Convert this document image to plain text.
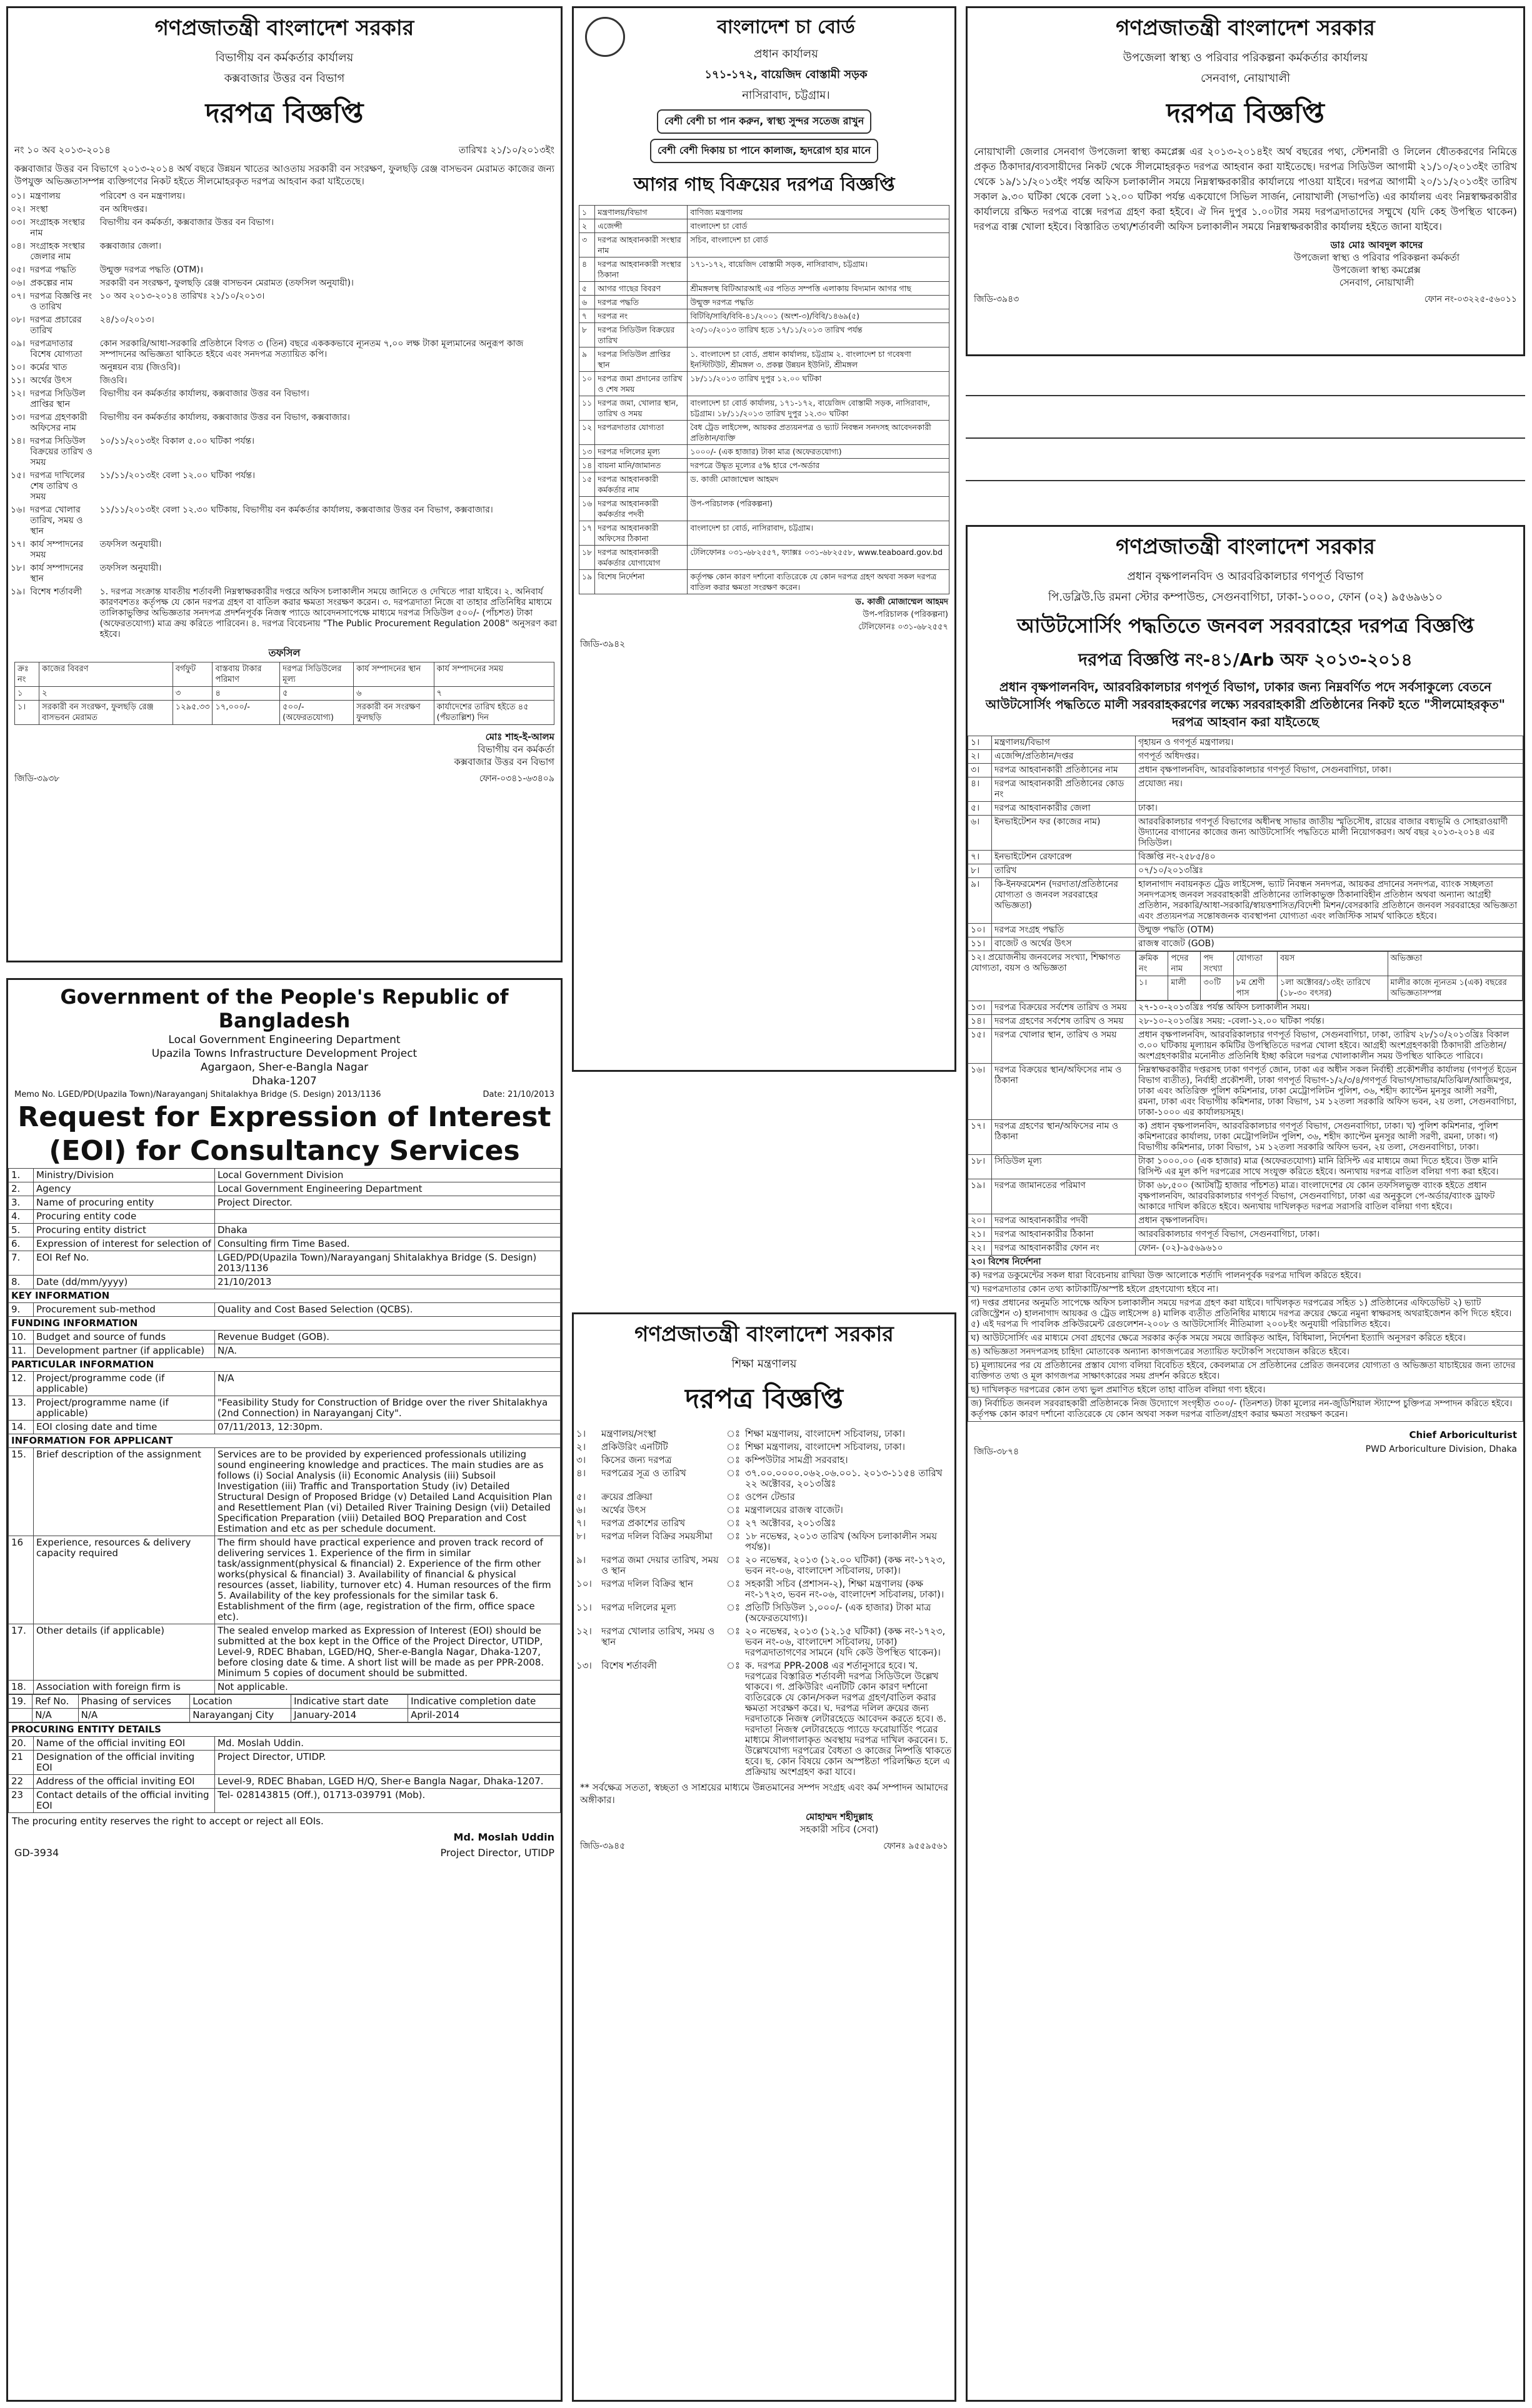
গণপ্রজাতন্ত্রী বাংলাদেশ সরকার
বিভাগীয় বন কর্মকর্তার কার্যালয়
কক্সবাজার উত্তর বন বিভাগ
দরপত্র বিজ্ঞপ্তি
নং ১০ অব ২০১৩-২০১৪	তারিখঃ ২১/১০/২০১৩ইং
কক্সবাজার উত্তর বন বিভাগে ২০১৩-২০১৪ অর্থ বছরে উন্নয়ন খাতের আওতায় সরকারী বন সংরক্ষণ, ফুলছড়ি রেঞ্জ বাসভবন মেরামত কাজের জন্য উপযুক্ত অভিজ্ঞতাসম্পন্ন ব্যক্তিগণের নিকট হইতে সীলমোহরকৃত দরপত্র আহবান করা যাইতেছে।
০১।	মন্ত্রণালয়	পরিবেশ ও বন মন্ত্রণালয়।
০২।	সংস্থা	বন অধিদপ্তর।
০৩।	সংগ্রাহক সংস্থার নাম	বিভাগীয় বন কর্মকর্তা, কক্সবাজার উত্তর বন বিভাগ।
০৪।	সংগ্রাহক সংস্থার জেলার নাম	কক্সবাজার জেলা।
০৫।	দরপত্র পদ্ধতি	উন্মুক্ত দরপত্র পদ্ধতি (OTM)।
০৬।	প্রকল্পের নাম	সরকারী বন সংরক্ষণ, ফুলছড়ি রেঞ্জ বাসভবন মেরামত (তফসিল অনুযায়ী)।
০৭।	দরপত্র বিজ্ঞপ্তি নং ও তারিখ	১০ অব ২০১৩-২০১৪ তারিখঃ ২১/১০/২০১৩।
০৮।	দরপত্র প্রচারের তারিখ	২৪/১০/২০১৩।
০৯।	দরপত্রদাতার বিশেষ যোগ্যতা	কোন সরকারি/আধা-সরকারি প্রতিষ্ঠানে বিগত ৩ (তিন) বছরে একককভাবে ন্যূনতম ৭,০০ লক্ষ টাকা মূল্যমানের অনুরূপ কাজ সম্পাদনের অভিজ্ঞতা থাকিতে হইবে এবং সনদপত্র সত্যায়িত কপি।
১০।	কর্মের খাত	অনুন্নয়ন ব্যয় (জিওবি)।
১১।	অর্থের উৎস	জিওবি।
১২।	দরপত্র সিডিউল প্রাপ্তির স্থান	বিভাগীয় বন কর্মকর্তার কার্যালয়, কক্সবাজার উত্তর বন বিভাগ।
১৩।	দরপত্র গ্রহণকারী অফিসের নাম	বিভাগীয় বন কর্মকর্তার কার্যালয়, কক্সবাজার উত্তর বন বিভাগ, কক্সবাজার।
১৪।	দরপত্র সিডিউল বিক্রয়ের তারিখ ও সময়	১০/১১/২০১৩ইং বিকাল ৫.০০ ঘটিকা পর্যন্ত।
১৫।	দরপত্র দাখিলের শেষ তারিখ ও সময়	১১/১১/২০১৩ইং বেলা ১২.০০ ঘটিকা পর্যন্ত।
১৬।	দরপত্র খোলার তারিখ, সময় ও স্থান	১১/১১/২০১৩ইং বেলা ১২.৩০ ঘটিকায়, বিভাগীয় বন কর্মকর্তার কার্যালয়, কক্সবাজার উত্তর বন বিভাগ, কক্সবাজার।
১৭।	কার্য সম্পাদনের সময়	তফসিল অনুযায়ী।
১৮।	কার্য সম্পাদনের স্থান	তফসিল অনুযায়ী।
১৯।	বিশেষ শর্তাবলী	১. দরপত্র সংক্রান্ত যাবতীয় শর্তাবলী নিম্নস্বাক্ষরকারীর দপ্তরে অফিস চলাকালীন সময়ে জানিতে ও দেখিতে পারা যাইবে। ২. অনিবার্য কারণবশতঃ কর্তৃপক্ষ যে কোন দরপত্র গ্রহণ বা বাতিল করার ক্ষমতা সংরক্ষণ করেন। ৩. দরপত্রদাতা নিজে বা তাহার প্রতিনিধির মাধ্যমে তালিকাভুক্তির অভিজ্ঞতার সনদপত্র প্রদর্শনপূর্বক নিজস্ব প্যাডে আবেদনসাপেক্ষে মাধ্যমে দরপত্র সিডিউল ৫০০/- (পাঁচশত) টাকা (অফেরতযোগ্য) মাত্র ক্রয় করিতে পারিবেন। ৪. দরপত্র বিবেচনায় "The Public Procurement Regulation 2008" অনুসরণ করা হইবে।
তফসিল
ক্রঃ নং	কাজের বিবরণ	বর্গফুট	বাস্তবায় টাকার পরিমাণ	দরপত্র সিডিউলের মূল্য	কার্য সম্পাদনের স্থান	কার্য সম্পাদনের সময়
১	২	৩	৪	৫	৬	৭
১।	সরকারী বন সংরক্ষণ, ফুলছড়ি রেঞ্জ বাসভবন মেরামত	১২৯৫.৩৩	১৭,০০০/-	৫০০/- (অফেরতযোগ্য)	সরকারী বন সংরক্ষণ ফুলছড়ি	কার্যাদেশের তারিখ হইতে ৪৫ (পঁয়তাল্লিশ) দিন
মোঃ শাহ-ই-আলম
বিভাগীয় বন কর্মকর্তা
কক্সবাজার উত্তর বন বিভাগ
জিডি-৩৯৩৮	ফোন-০৩৪১-৬৩৪০৯
বাংলাদেশ চা বোর্ড
প্রধান কার্যালয়
১৭১-১৭২, বায়েজিদ বোস্তামী সড়ক
নাসিরাবাদ, চট্টগ্রাম।
বেশী বেশী চা পান করুন, স্বাস্থ্য সুন্দর সতেজ রাখুন বেশী বেশী দিকায় চা পানে কালাজ, হৃদরোগ হার মানে
আগর গাছ বিক্রয়ের দরপত্র বিজ্ঞপ্তি
১	মন্ত্রণালয়/বিভাগ	বাণিজ্য মন্ত্রণালয়
২	এজেন্সী	বাংলাদেশ চা বোর্ড
৩	দরপত্র আহবানকারী সংস্থার নাম	সচিব, বাংলাদেশ চা বোর্ড
৪	দরপত্র আহবানকারী সংস্থার ঠিকানা	১৭১-১৭২, বায়েজিদ বোস্তামী সড়ক, নাসিরাবাদ, চট্টগ্রাম।
৫	আগর গাছের বিবরণ	শ্রীমঙ্গলস্থ বিটিআরআই এর পতিত সম্পত্তি এলাকায় বিদ্যমান আগর গাছ
৬	দরপত্র পদ্ধতি	উন্মুক্ত দরপত্র পদ্ধতি
৭	দরপত্র নং	বিটিবি/সাবি/বিবি-৪১/২০০১ (অংশ-৩)/বিবি/১৪৬৯(৫)
৮	দরপত্র সিডিউল বিক্রয়ের তারিখ	২৩/১০/২০১৩ তারিখ হতে ১৭/১১/২০১৩ তারিখ পর্যন্ত
৯	দরপত্র সিডিউল প্রাপ্তির স্থান	১. বাংলাদেশ চা বোর্ড, প্রধান কার্যালয়, চট্টগ্রাম ২. বাংলাদেশ চা গবেষণা ইনস্টিটিউট, শ্রীমঙ্গল ৩. প্রকল্প উন্নয়ন ইউনিট, শ্রীমঙ্গল
১০	দরপত্র জমা প্রদানের তারিখ ও শেষ সময়	১৮/১১/২০১৩ তারিখ দুপুর ১২.০০ ঘটিকা
১১	দরপত্র জমা, খোলার স্থান, তারিখ ও সময়	বাংলাদেশ চা বোর্ড কার্যালয়, ১৭১-১৭২, বায়েজিদ বোস্তামী সড়ক, নাসিরাবাদ, চট্টগ্রাম। ১৮/১১/২০১৩ তারিখ দুপুর ১২.৩০ ঘটিকা
১২	দরপত্রদাতার যোগ্যতা	বৈধ ট্রেড লাইসেন্স, আয়কর প্রত্যয়নপত্র ও ভ্যাট নিবন্ধন সনদসহ আবেদনকারী প্রতিষ্ঠান/ব্যক্তি
১৩	দরপত্র দলিলের মূল্য	১০০০/- (এক হাজার) টাকা মাত্র (অফেরতযোগ্য)
১৪	বায়না মানি/জামানত	দরপত্রে উদ্ধৃত মূল্যের ৫% হারে পে-অর্ডার
১৫	দরপত্র আহবানকারী কর্মকর্তার নাম	ড. কাজী মোজাম্মেল আহমদ
১৬	দরপত্র আহবানকারী কর্মকর্তার পদবী	উপ-পরিচালক (পরিকল্পনা)
১৭	দরপত্র আহবানকারী অফিসের ঠিকানা	বাংলাদেশ চা বোর্ড, নাসিরাবাদ, চট্টগ্রাম।
১৮	দরপত্র আহবানকারী কর্মকর্তার যোগাযোগ	টেলিফোনঃ ০৩১-৬৮২৫৫৭, ফ্যাক্সঃ ০৩১-৬৮২৫৫৮, www.teaboard.gov.bd
১৯	বিশেষ নির্দেশনা	কর্তৃপক্ষ কোন কারণ দর্শানো ব্যতিরেকে যে কোন দরপত্র গ্রহণ অথবা সকল দরপত্র বাতিল করার ক্ষমতা সংরক্ষণ করেন।
ড. কাজী মোজাম্মেল আহমদ
উপ-পরিচালক (পরিকল্পনা)
টেলিফোনঃ ০৩১-৬৮২৫৫৭
জিডি-৩৯৪২
গণপ্রজাতন্ত্রী বাংলাদেশ সরকার
উপজেলা স্বাস্থ্য ও পরিবার পরিকল্পনা কর্মকর্তার কার্যালয়
সেনবাগ, নোয়াখালী
দরপত্র বিজ্ঞপ্তি
নোয়াখালী জেলার সেনবাগ উপজেলা স্বাস্থ্য কমপ্লেক্স এর ২০১৩-২০১৪ইং অর্থ বছরের পথ্য, স্টেশনারী ও লিলেন ধৌতকরণের নিমিত্তে প্রকৃত ঠিকাদার/ব্যবসায়ীদের নিকট থেকে সীলমোহরকৃত দরপত্র আহবান করা যাইতেছে। দরপত্র সিডিউল আগামী ২১/১০/২০১৩ইং তারিখ থেকে ১৯/১১/২০১৩ইং পর্যন্ত অফিস চলাকালীন সময়ে নিম্নস্বাক্ষরকারীর কার্যালয়ে পাওয়া যাইবে। দরপত্র আগামী ২০/১১/২০১৩ইং তারিখ সকাল ৯.৩০ ঘটিকা থেকে বেলা ১২.০০ ঘটিকা পর্যন্ত একযোগে সিভিল সার্জন, নোয়াখালী (সভাপতি) এর কার্যালয় এবং নিম্নস্বাক্ষরকারীর কার্যালয়ে রক্ষিত দরপত্র বাক্সে দরপত্র গ্রহণ করা হইবে। ঐ দিন দুপুর ১.০০টার সময় দরপত্রদাতাদের সম্মুখে (যদি কেহ উপস্থিত থাকেন) দরপত্র বাক্স খোলা হইবে। বিস্তারিত তথ্য/শর্তাবলী অফিস চলাকালীন সময়ে নিম্নস্বাক্ষরকারীর কার্যালয় হইতে জানা যাইবে।
ডাঃ মোঃ আবদুল কাদের
উপজেলা স্বাস্থ্য ও পরিবার পরিকল্পনা কর্মকর্তা
উপজেলা স্বাস্থ্য কমপ্লেক্স
সেনবাগ, নোয়াখালী
জিডি-৩৯৪৩	ফোন নং-০৩২২৫-৫৬০১১
Government of the People's Republic of Bangladesh
Local Government Engineering Department
Upazila Towns Infrastructure Development Project
Agargaon, Sher-e-Bangla Nagar
Dhaka-1207
Memo No. LGED/PD(Upazila Town)/Narayanganj Shitalakhya Bridge (S. Design) 2013/1136	Date: 21/10/2013
Request for Expression of Interest
(EOI) for Consultancy Services
1.	Ministry/Division	Local Government Division
2.	Agency	Local Government Engineering Department
3.	Name of procuring entity	Project Director.
4.	Procuring entity code	
5.	Procuring entity district	Dhaka
6.	Expression of interest for selection of	Consulting firm Time Based.
7.	EOI Ref No.	LGED/PD(Upazila Town)/Narayanganj Shitalakhya Bridge (S. Design) 2013/1136
8.	Date (dd/mm/yyyy)	21/10/2013
KEY INFORMATION		
9.	Procurement sub-method	Quality and Cost Based Selection (QCBS).
FUNDING INFORMATION		
10.	Budget and source of funds	Revenue Budget (GOB).
11.	Development partner (if applicable)	N/A.
PARTICULAR INFORMATION		
12.	Project/programme code (if applicable)	N/A
13.	Project/programme name (if applicable)	"Feasibility Study for Construction of Bridge over the river Shitalakhya (2nd Connection) in Narayanganj City".
14.	EOI closing date and time	07/11/2013, 12:30pm.
INFORMATION FOR APPLICANT		
15.	Brief description of the assignment	Services are to be provided by experienced professionals utilizing sound engineering knowledge and practices. The main studies are as follows (i) Social Analysis (ii) Economic Analysis (iii) Subsoil Investigation (iii) Traffic and Transportation Study (iv) Detailed Structural Design of Proposed Bridge (v) Detailed Land Acquisition Plan and Resettlement Plan (vi) Detailed River Training Design (vii) Detailed Specification Preparation (viii) Detailed BOQ Preparation and Cost Estimation and etc as per schedule document.
16	Experience, resources & delivery capacity required	The firm should have practical experience and proven track record of delivering services 1. Experience of the firm in similar task/assignment(physical & financial) 2. Experience of the firm other works(physical & financial) 3. Availability of financial & physical resources (asset, liability, turnover etc) 4. Human resources of the firm 5. Availability of the key professionals for the similar task 6. Establishment of the firm (age, registration of the firm, office space etc).
17.	Other details (if applicable)	The sealed envelop marked as Expression of Interest (EOI) should be submitted at the box kept in the Office of the Project Director, UTIDP, Level-9, RDEC Bhaban, LGED/HQ, Sher-e-Bangla Nagar, Dhaka-1207, before closing date & time. A short list will be made as per PPR-2008. Minimum 5 copies of document should be submitted.
18.	Association with foreign firm is	Not applicable.
19.	Ref No.	Phasing of services	Location	Indicative start date	Indicative completion date
	N/A	N/A	Narayanganj City	January-2014	April-2014
PROCURING ENTITY DETAILS		
20.	Name of the official inviting EOI	Md. Moslah Uddin.
21	Designation of the official inviting EOI	Project Director, UTIDP.
22	Address of the official inviting EOI	Level-9, RDEC Bhaban, LGED H/Q, Sher-e Bangla Nagar, Dhaka-1207.
23	Contact details of the official inviting EOI	Tel- 028143815 (Off.), 01713-039791 (Mob).
The procuring entity reserves the right to accept or reject all EOIs.
Md. Moslah Uddin
GD-3934	Project Director, UTIDP
গণপ্রজাতন্ত্রী বাংলাদেশ সরকার
শিক্ষা মন্ত্রণালয়
দরপত্র বিজ্ঞপ্তি
১।	মন্ত্রণালয়/সংস্থা	ঃ	শিক্ষা মন্ত্রণালয়, বাংলাদেশ সচিবালয়, ঢাকা।
২।	প্রকিউরিং এনটিটি	ঃ	শিক্ষা মন্ত্রণালয়, বাংলাদেশ সচিবালয়, ঢাকা।
৩।	কিসের জন্য দরপত্র	ঃ	কম্পিউটার সামগ্রী সরবরাহ।
৪।	দরপত্রের সূত্র ও তারিখ	ঃ	৩৭.০০.০০০০.০৬২.০৬.০০১. ২০১৩-১১৫৪ তারিখ ২২ অক্টোবর, ২০১৩খ্রিঃ
৫।	ক্রয়ের প্রক্রিয়া	ঃ	ওপেন টেন্ডার
৬।	অর্থের উৎস	ঃ	মন্ত্রণালয়ের রাজস্ব বাজেট।
৭।	দরপত্র প্রকাশের তারিখ	ঃ	২৭ অক্টোবর, ২০১৩খ্রিঃ
৮।	দরপত্র দলিল বিক্রির সময়সীমা	ঃ	১৮ নভেম্বর, ২০১৩ তারিখ (অফিস চলাকালীন সময় পর্যন্ত)।
৯।	দরপত্র জমা দেয়ার তারিখ, সময় ও স্থান	ঃ	২০ নভেম্বর, ২০১৩ (১২.০০ ঘটিকা) (কক্ষ নং-১৭২৩, ভবন নং-০৬, বাংলাদেশ সচিবালয়, ঢাকা)।
১০।	দরপত্র দলিল বিক্রির স্থান	ঃ	সহকারী সচিব (প্রশাসন-২), শিক্ষা মন্ত্রণালয় (কক্ষ নং-১৭২৩, ভবন নং-০৬, বাংলাদেশ সচিবালয়, ঢাকা)।
১১।	দরপত্র দলিলের মূল্য	ঃ	প্রতিটি সিডিউল ১,০০০/- (এক হাজার) টাকা মাত্র (অফেরতযোগ্য)।
১২।	দরপত্র খোলার তারিখ, সময় ও স্থান	ঃ	২০ নভেম্বর, ২০১৩ (১২.১৫ ঘটিকা) (কক্ষ নং-১৭২৩, ভবন নং-০৬, বাংলাদেশ সচিবালয়, ঢাকা) দরপত্রদাতাগণের সামনে (যদি কেউ উপস্থিত থাকেন)।
১৩।	বিশেষ শর্তাবলী	ঃ	ক. দরপত্র PPR-2008 এর শর্তানুসারে হবে। খ. দরপত্রের বিস্তারিত শর্তাবলী দরপত্র সিডিউলে উল্লেখ থাকবে। গ. প্রকিউরিং এনটিটি কোন কারণ দর্শানো ব্যতিরেকে যে কোন/সকল দরপত্র গ্রহণ/বাতিল করার ক্ষমতা সংরক্ষণ করে। ঘ. দরপত্র দলিল ক্রয়ের জন্য দরদাতাকে নিজস্ব লেটারহেডে আবেদন করতে হবে। ঙ. দরদাতা নিজস্ব লেটারহেডে প্যাডে ফরোয়ার্ডিং পত্রের মাধ্যমে সীলগালাকৃত অবস্থায় দরপত্র দাখিল করবেন। চ. উল্লেখযোগ্য দরপত্রের বৈধতা ও কাজের নিষ্পত্তি থাকতে হবে। ছ. কোন বিষয়ে কোন অস্পষ্টতা পরিলক্ষিত হলে এ প্রক্রিয়ায় অংশগ্রহণ করা যাবে।
** সর্বক্ষেত্র সততা, স্বচ্ছতা ও সাশ্রয়ের মাধ্যমে উন্নতমানের সম্পদ সংগ্রহ এবং কর্ম সম্পাদন আমাদের অঙ্গীকার।
মোহাম্মদ শহীদুল্লাহ
সহকারী সচিব (সেবা)
জিডি-৩৯৪৫	ফোনঃ ৯৫৫৯৫৬১
গণপ্রজাতন্ত্রী বাংলাদেশ সরকার
প্রধান বৃক্ষপালনবিদ ও আরবরিকালচার গণপূর্ত বিভাগ
পি.ডব্লিউ.ডি রমনা স্টোর কম্পাউন্ড, সেগুনবাগিচা, ঢাকা-১০০০, ফোন (০২) ৯৫৬৯৬১০
আউটসোর্সিং পদ্ধতিতে জনবল সরবরাহের দরপত্র বিজ্ঞপ্তি
দরপত্র বিজ্ঞপ্তি নং-৪১/Arb অফ ২০১৩-২০১৪
প্রধান বৃক্ষপালনবিদ, আরবরিকালচার গণপূর্ত বিভাগ, ঢাকার জন্য নিম্নবর্ণিত পদে সর্বসাকুল্যে বেতনে আউটসোর্সিং পদ্ধতিতে মালী সরবরাহকরণের লক্ষ্যে সরবরাহকারী প্রতিষ্ঠানের নিকট হতে "সীলমোহরকৃত" দরপত্র আহবান করা যাইতেছে
১।	মন্ত্রণালয়/বিভাগ	গৃহায়ন ও গণপূর্ত মন্ত্রণালয়।
২।	এজেন্সি/প্রতিষ্ঠান/দপ্তর	গণপূর্ত অধিদপ্তর।
৩।	দরপত্র আহবানকারী প্রতিষ্ঠানের নাম	প্রধান বৃক্ষপালনবিদ, আরবরিকালচার গণপূর্ত বিভাগ, সেগুনবাগিচা, ঢাকা।
৪।	দরপত্র আহবানকারী প্রতিষ্ঠানের কোড নং	প্রযোজ্য নয়।
৫।	দরপত্র আহবানকারীর জেলা	ঢাকা।
৬।	ইনভাইটেশন ফর (কাজের নাম)	আরবরিকালচার গণপূর্ত বিভাগের অধীনস্থ সাভার জাতীয় স্মৃতিসৌধ, রায়ের বাজার বধ্যভূমি ও সোহরাওয়ার্দী উদ্যানের বাগানের কাজের জন্য আউটসোর্সিং পদ্ধতিতে মালী নিয়োগকরণ। অর্থ বছর ২০১৩-২০১৪ এর সিডিউল।
৭।	ইনভাইটেশন রেফারেন্স	বিজ্ঞপ্তি নং-২৫৮৫/৪০
৮।	তারিখ	০৭/১০/২০১৩খ্রিঃ
৯।	কি-ইনফরমেশন (দরদাতা/প্রতিষ্ঠানের যোগ্যতা ও জনবল সরবরাহের অভিজ্ঞতা)	হালনাগাদ নবায়নকৃত ট্রেড লাইসেন্স, ভ্যাট নিবন্ধন সনদপত্র, আয়কর প্রদানের সনদপত্র, ব্যাংক সচ্ছলতা সনদপত্রসহ জনবল সরবরাহকারী প্রতিষ্ঠানের তালিকাভুক্ত ঠিকানাবিহীন প্রতিষ্ঠান অথবা অন্যান্য আগ্রহী প্রতিষ্ঠান, সরকারি/আধা-সরকারি/স্বায়ত্তশাসিত/বিদেশী মিশন/বেসরকারি প্রতিষ্ঠানে জনবল সরবরাহের অভিজ্ঞতা এবং প্রত্যয়নপত্র সন্তোষজনক ব্যবস্থাপনা যোগ্যতা এবং লজিস্টিক সামর্থ থাকিতে হইবে।
১০।	দরপত্র সংগ্রহ পদ্ধতি	উন্মুক্ত পদ্ধতি (OTM)
১১।	বাজেট ও অর্থের উৎস	রাজস্ব বাজেট (GOB)
১২। প্রয়োজনীয় জনবলের সংখ্যা, শিক্ষাগত যোগ্যতা, বয়স ও অভিজ্ঞতা	
ক্রমিক নং	পদের নাম	পদ সংখ্যা	যোগ্যতা	বয়স	অভিজ্ঞতা
১।	মালী	৩০টি	৮ম শ্রেণী পাস	১লা অক্টোবর/১৩ইং তারিখে (১৮-৩০ বৎসর)	মালীর কাজে ন্যূনতম ১(এক) বছরের অভিজ্ঞতাসম্পন্ন

১৩।	দরপত্র বিক্রয়ের সর্বশেষ তারিখ ও সময়	২৭-১০-২০১৩খ্রিঃ পর্যন্ত অফিস চলাকালীন সময়।
১৪।	দরপত্র গ্রহণের সর্বশেষ তারিখ ও সময়	২৮-১০-২০১৩খ্রিঃ সময়: -বেলা-১২.০০ ঘটিকা পর্যন্ত।
১৫।	দরপত্র খোলার স্থান, তারিখ ও সময়	প্রধান বৃক্ষপালনবিদ, আরবরিকালচার গণপূর্ত বিভাগ, সেগুনবাগিচা, ঢাকা, তারিখ ২৮/১০/২০১৩খ্রিঃ বিকাল ৩.০০ ঘটিকায় মূল্যায়ন কমিটির উপস্থিতিতে দরপত্র খোলা হইবে। আগ্রহী অংশগ্রহণকারী ঠিকাদারী প্রতিষ্ঠান/অংশগ্রহণকারীর মনোনীত প্রতিনিধি ইচ্ছা করিলে দরপত্র খোলাকালীন সময় উপস্থিত থাকিতে পারিবে।
১৬।	দরপত্র বিক্রয়ের স্থান/অফিসের নাম ও ঠিকানা	নিম্নস্বাক্ষরকারীর দপ্তরসহ ঢাকা গণপূর্ত জোন, ঢাকা এর অধীন সকল নির্বাহী প্রকৌশলীর কার্যালয় (গণপূর্ত ইডেন বিভাগ ব্যতীত), নির্বাহী প্রকৌশলী, ঢাকা গণপূর্ত বিভাগ-১/২/৩/৪/গণপূর্ত বিভাগ/সাভার/মতিঝিল/আজিমপুর, ঢাকা এবং অতিরিক্ত পুলিশ কমিশনার, ঢাকা মেট্রোপলিটন পুলিশ, ৩৬, শহীদ ক্যাপ্টেন মুনসুর আলী সরণী, রমনা, ঢাকা এবং বিভাগীয় কমিশনার, ঢাকা বিভাগ, ১ম ১২তলা সরকারি অফিস ভবন, ২য় তলা, সেগুনবাগিচা, ঢাকা-১০০০ এর কার্যালয়সমূহ।
১৭।	দরপত্র গ্রহণের স্থান/অফিসের নাম ও ঠিকানা	ক) প্রধান বৃক্ষপালনবিদ, আরবরিকালচার গণপূর্ত বিভাগ, সেগুনবাগিচা, ঢাকা। খ) পুলিশ কমিশনার, পুলিশ কমিশনারের কার্যালয়, ঢাকা মেট্রোপলিটন পুলিশ, ৩৬, শহীদ ক্যাপ্টেন মুনসুর আলী সরণী, রমনা, ঢাকা। গ) বিভাগীয় কমিশনার, ঢাকা বিভাগ, ১ম ১২তলা সরকারি অফিস ভবন, ২য় তলা, সেগুনবাগিচা, ঢাকা।
১৮।	সিডিউল মূল্য	টাকা ১০০০.০০ (এক হাজার) মাত্র (অফেরতযোগ্য) মানি রিসিপ্ট এর মাধ্যমে জমা দিতে হইবে। উক্ত মানি রিসিপ্ট এর মূল কপি দরপত্রের সাথে সংযুক্ত করিতে হইবে। অন্যথায় দরপত্র বাতিল বলিয়া গণ্য করা হইবে।
১৯।	দরপত্র জামানতের পরিমাণ	টাকা ৬৮,৫০০ (আটষট্টি হাজার পাঁচশত) মাত্র। বাংলাদেশের যে কোন তফসিলভুক্ত ব্যাংক হইতে প্রধান বৃক্ষপালনবিদ, আরবরিকালচার গণপূর্ত বিভাগ, সেগুনবাগিচা, ঢাকা এর অনুকূলে পে-অর্ডার/ব্যাংক ড্রাফট আকারে দাখিল করিতে হইবে। অন্যথায় দাখিলকৃত দরপত্র সরাসরি বাতিল বলিয়া গণ্য হইবে।
২০।	দরপত্র আহবানকারীর পদবী	প্রধান বৃক্ষপালনবিদ।
২১।	দরপত্র আহবানকারীর ঠিকানা	আরবরিকালচার গণপূর্ত বিভাগ, সেগুনবাগিচা, ঢাকা।
২২।	দরপত্র আহবানকারীর ফোন নং	ফোন- (০২)-৯৫৬৯৬১০
২৩। বিশেষ নির্দেশনা
ক) দরপত্র ডকুমেন্টের সকল ধারা বিবেচনায় রাখিয়া উক্ত আলোকে শর্তাদি পালনপূর্বক দরপত্র দাখিল করিতে হইবে।
খ) দরপত্রদাতার কোন তথ্য কাটাকাটি/অস্পষ্ট হইলে গ্রহণযোগ্য হইবে না।
গ) দপ্তর প্রধানের অনুমতি সাপেক্ষে অফিস চলাকালীন সময়ে দরপত্র গ্রহণ করা যাইবে। দাখিলকৃত দরপত্রের সহিত ১) প্রতিষ্ঠানের এফিডেভিট ২) ভ্যাট রেজিস্ট্রেশন ৩) হালনাগাদ আয়কর ও ট্রেড লাইসেন্স ৪) মালিক ব্যতীত প্রতিনিধির মাধ্যমে দরপত্র ক্রয়ের ক্ষেত্রে নমুনা স্বাক্ষরসহ অথরাইজেশন কপি দিতে হইবে। ৫) এই দরপত্র দি পাবলিক প্রকিউরমেন্ট রেগুলেশন-২০০৮ ও আউটসোর্সিং নীতিমালা ২০০৮ইং অনুযায়ী পরিচালিত হইবে।
ঘ) আউটসোর্সিং এর মাধ্যমে সেবা গ্রহণের ক্ষেত্রে সরকার কর্তৃক সময়ে সময়ে জারিকৃত আইন, বিধিমালা, নির্দেশনা ইত্যাদি অনুসরণ করিতে হইবে।
ঙ) অভিজ্ঞতা সনদপত্রসহ চাহিদা মোতাবেক অন্যান্য কাগজপত্রের সত্যায়িত ফটোকপি সংযোজন করিতে হইবে।
চ) মূল্যায়নের পর যে প্রতিষ্ঠানের প্রস্তাব যোগ্য বলিয়া বিবেচিত হইবে, কেবলমাত্র সে প্রতিষ্ঠানের প্রেরিত জনবলের যোগ্যতা ও অভিজ্ঞতা যাচাইয়ের জন্য তাদের ব্যক্তিগত তথ্য ও মূল কাগজপত্র সাক্ষাৎকারের সময় প্রদর্শন করিতে হইবে।
ছ) দাখিলকৃত দরপত্রের কোন তথ্য ভুল প্রমাণিত হইলে তাহা বাতিল বলিয়া গণ্য হইবে।
জ) নির্বাচিত জনবল সরবরাহকারী প্রতিষ্ঠানকে নিজ উদ্যোগে সংগৃহীত ৩০০/- (তিনশত) টাকা মূল্যের নন-জুডিশিয়াল স্ট্যাম্পে চুক্তিপত্র সম্পাদন করিতে হইবে। কর্তৃপক্ষ কোন কারণ দর্শানো ব্যতিরেকে যে কোন অথবা সকল দরপত্র বাতিল/গ্রহণ করার ক্ষমতা সংরক্ষণ করেন।
Chief Arboriculturist
জিডি-৩৮৭৪	PWD Arboriculture Division, Dhaka
